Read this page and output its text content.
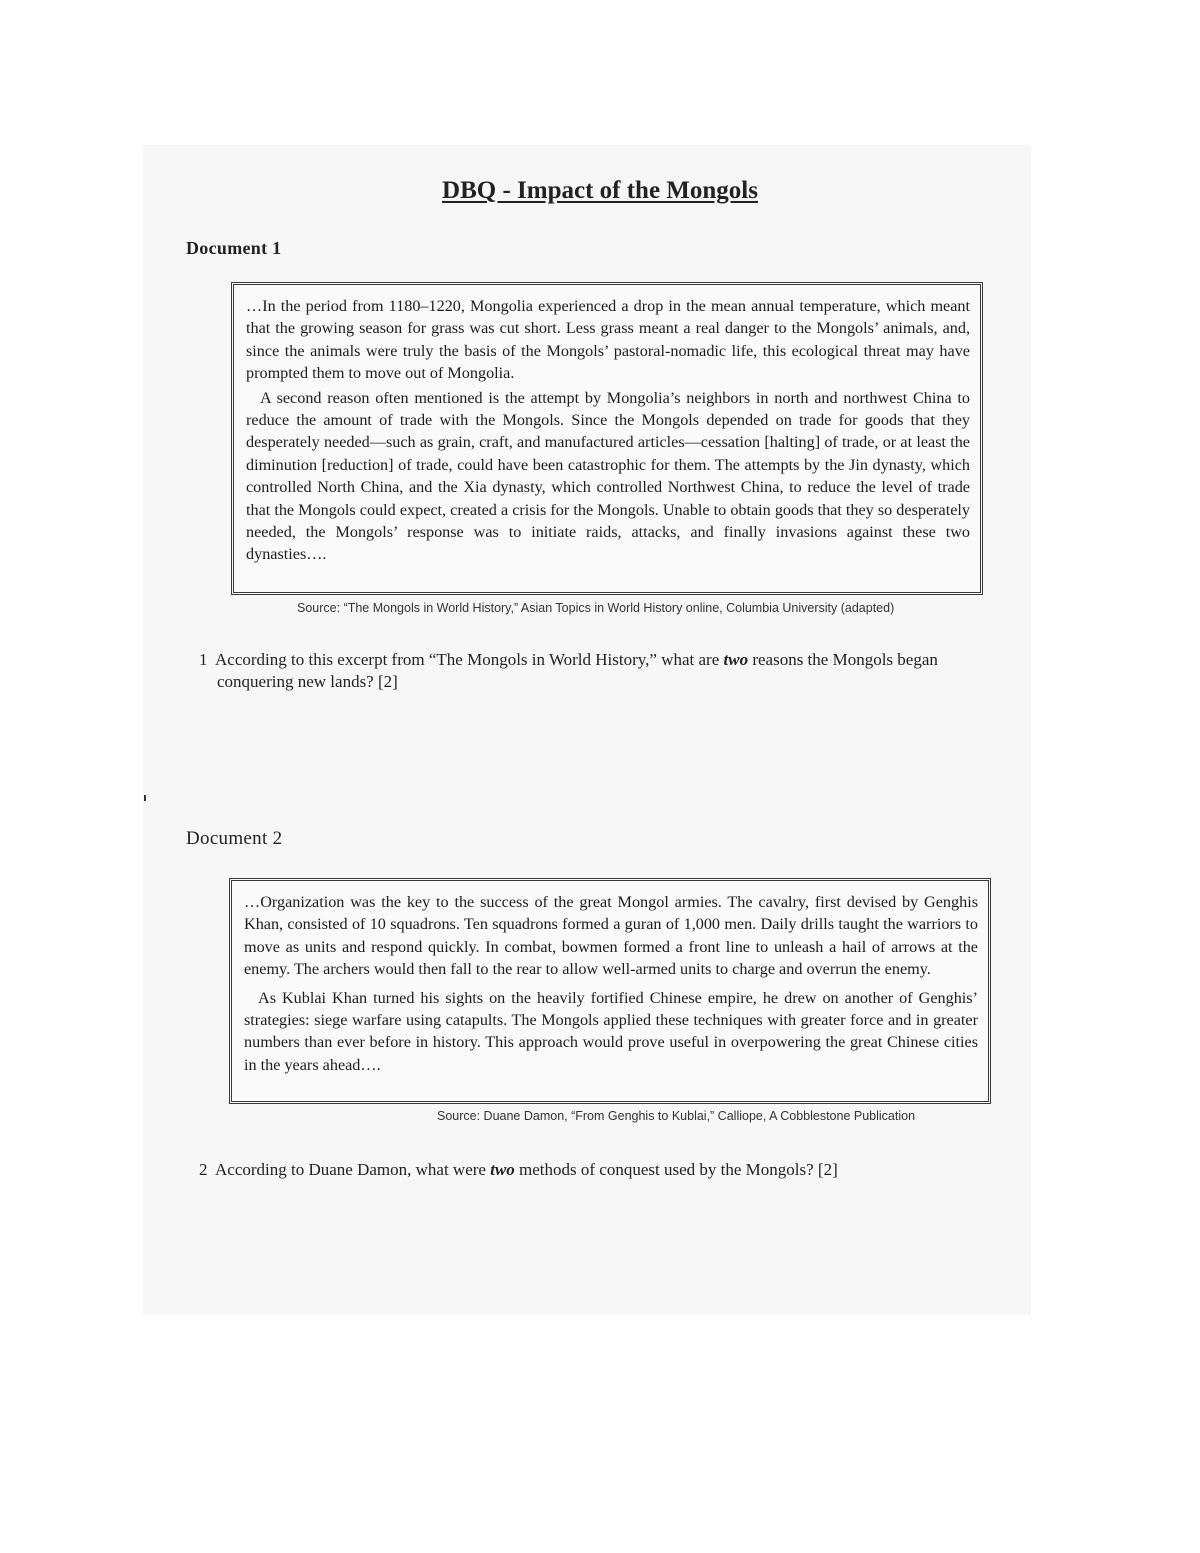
DBQ - Impact of the Mongols
Document 1

…In the period from 1180–1220, Mongolia experienced a drop in the mean annual temperature, which meant that the growing season for grass was cut short. Less grass meant a real danger to the Mongols’ animals, and, since the animals were truly the basis of the Mongols’ pastoral-nomadic life, this ecological threat may have prompted them to move out of Mongolia.

A second reason often mentioned is the attempt by Mongolia’s neighbors in north and northwest China to reduce the amount of trade with the Mongols. Since the Mongols depended on trade for goods that they desperately needed—such as grain, craft, and manufactured articles—cessation [halting] of trade, or at least the diminution [reduction] of trade, could have been catastrophic for them. The attempts by the Jin dynasty, which controlled North China, and the Xia dynasty, which controlled Northwest China, to reduce the level of trade that the Mongols could expect, created a crisis for the Mongols. Unable to obtain goods that they so desperately needed, the Mongols’ response was to initiate raids, attacks, and finally invasions against these two dynasties….

Source: “The Mongols in World History,” Asian Topics in World History online, Columbia University (adapted)
1 According to this excerpt from “The Mongols in World History,” what are two reasons the Mongols began
conquering new lands? [2]
Document 2

…Organization was the key to the success of the great Mongol armies. The cavalry, first devised by Genghis Khan, consisted of 10 squadrons. Ten squadrons formed a guran of 1,000 men. Daily drills taught the warriors to move as units and respond quickly. In combat, bowmen formed a front line to unleash a hail of arrows at the enemy. The archers would then fall to the rear to allow well-armed units to charge and overrun the enemy.

As Kublai Khan turned his sights on the heavily fortified Chinese empire, he drew on another of Genghis’ strategies: siege warfare using catapults. The Mongols applied these techniques with greater force and in greater numbers than ever before in history. This approach would prove useful in overpowering the great Chinese cities in the years ahead….

Source: Duane Damon, “From Genghis to Kublai,” Calliope, A Cobblestone Publication
2 According to Duane Damon, what were two methods of conquest used by the Mongols? [2]
